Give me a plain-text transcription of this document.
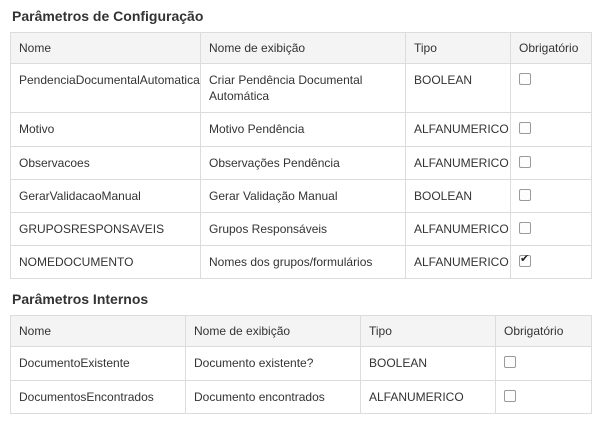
Parâmetros de Configuração
Nome	Nome de exibição	Tipo	Obrigatório
PendenciaDocumentalAutomatica	Criar Pendência Documental Automática	BOOLEAN	
Motivo	Motivo Pendência	ALFANUMERICO	
Observacoes	Observações Pendência	ALFANUMERICO	
GerarValidacaoManual	Gerar Validação Manual	BOOLEAN	
GRUPOSRESPONSAVEIS	Grupos Responsáveis	ALFANUMERICO	
NOMEDOCUMENTO	Nomes dos grupos/formulários	ALFANUMERICO	
Parâmetros Internos
Nome	Nome de exibição	Tipo	Obrigatório
DocumentoExistente	Documento existente?	BOOLEAN	
DocumentosEncontrados	Documento encontrados	ALFANUMERICO	
